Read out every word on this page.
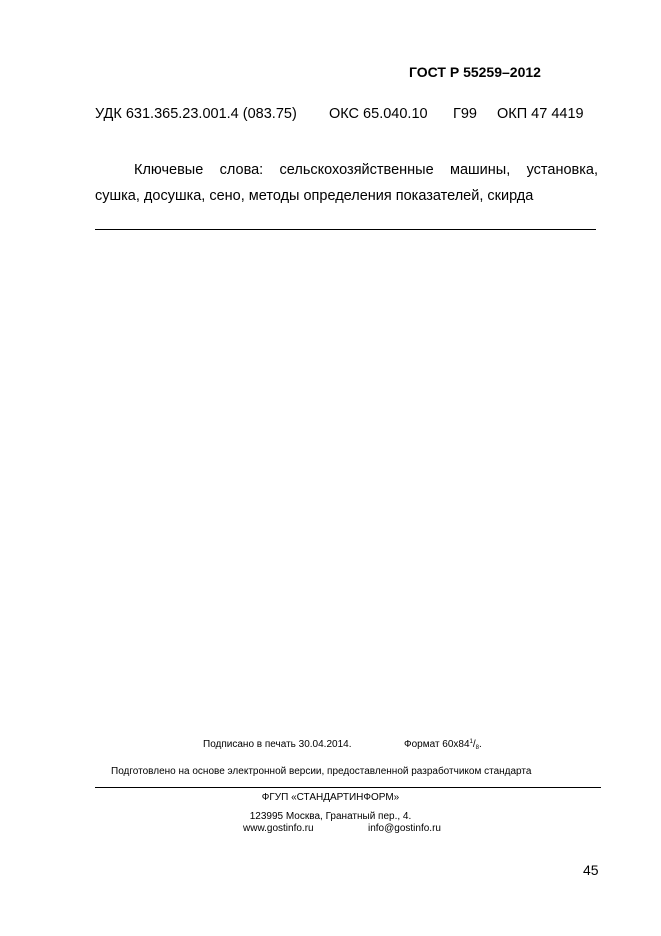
ГОСТ Р 55259–2012
УДК 631.365.23.001.4 (083.75) ОКС 65.040.10 Г99 ОКП 47 4419
Ключевые слова: сельскохозяйственные машины, установка,
сушка, досушка, сено, методы определения показателей, скирда
Подписано в печать 30.04.2014.	Формат $60x84^1/_8$.
Подготовлено на основе электронной версии, предоставленной разработчиком стандарта
ФГУП «СТАНДАРТИНФОРМ»
123995 Москва, Гранатный пер., 4.
www.gostinfo.ru	info@gostinfo.ru
45
